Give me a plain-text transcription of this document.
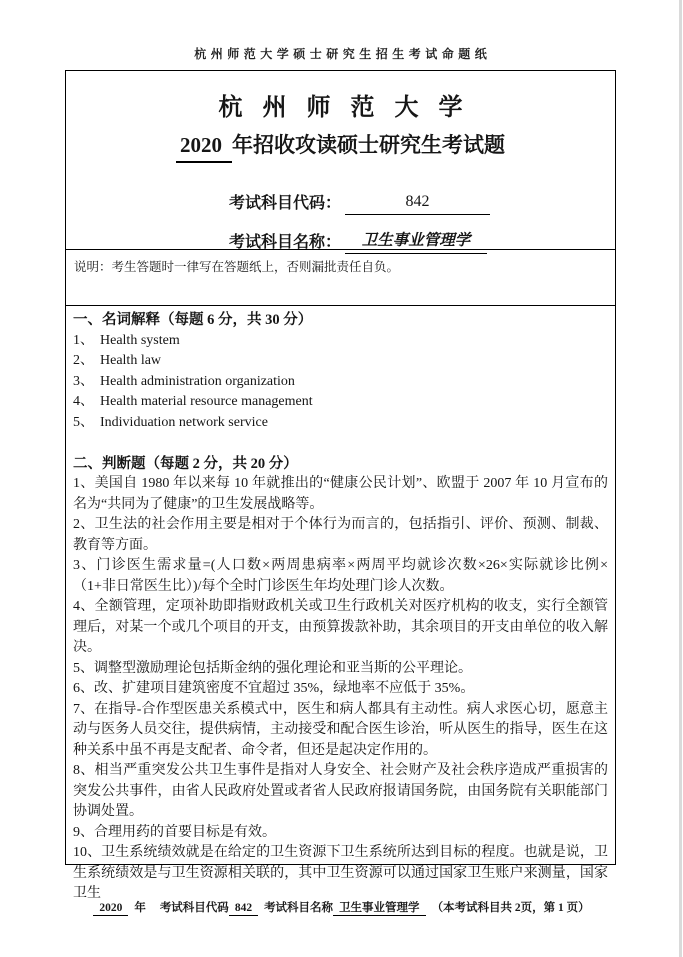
杭州师范大学硕士研究生招生考试命题纸
杭州师范大学
2020 年招收攻读硕士研究生考试题
考试科目代码：	842
考试科目名称： 卫生事业管理学
说明：考生答题时一律写在答题纸上，否则漏批责任自负。
一、名词解释（每题 6 分，共 30 分）
1、 Health system
2、 Health law
3、 Health administration organization
4、 Health material resource management
5、 Individuation network service
二、判断题（每题 2 分，共 20 分）
1、美国自 1980 年以来每 10 年就推出的“健康公民计划”、欧盟于 2007 年 10 月宣布的名为“共同为了健康”的卫生发展战略等。
2、卫生法的社会作用主要是相对于个体行为而言的，包括指引、评价、预测、制裁、教育等方面。
3、门诊医生需求量=(人口数×两周患病率×两周平均就诊次数×26×实际就诊比例×（1+非日常医生比）)/每个全时门诊医生年均处理门诊人次数。
4、全额管理，定项补助即指财政机关或卫生行政机关对医疗机构的收支，实行全额管理后，对某一个或几个项目的开支，由预算拨款补助，其余项目的开支由单位的收入解决。
5、调整型激励理论包括斯金纳的强化理论和亚当斯的公平理论。
6、改、扩建项目建筑密度不宜超过 35%，绿地率不应低于 35%。
7、在指导-合作型医患关系模式中，医生和病人都具有主动性。病人求医心切，愿意主动与医务人员交往，提供病情，主动接受和配合医生诊治，听从医生的指导，医生在这种关系中虽不再是支配者、命令者，但还是起决定作用的。
8、相当严重突发公共卫生事件是指对人身安全、社会财产及社会秩序造成严重损害的突发公共事件，由省人民政府处置或者省人民政府报请国务院，由国务院有关职能部门协调处置。
9、合理用药的首要目标是有效。
10、卫生系统绩效就是在给定的卫生资源下卫生系统所达到目标的程度。也就是说，卫生系统绩效是与卫生资源相关联的，其中卫生资源可以通过国家卫生账户来测量，国家卫生
2020 年 考试科目代码 842 考试科目名称 卫生事业管理学 （本考试科目共 2页，第 1 页）
